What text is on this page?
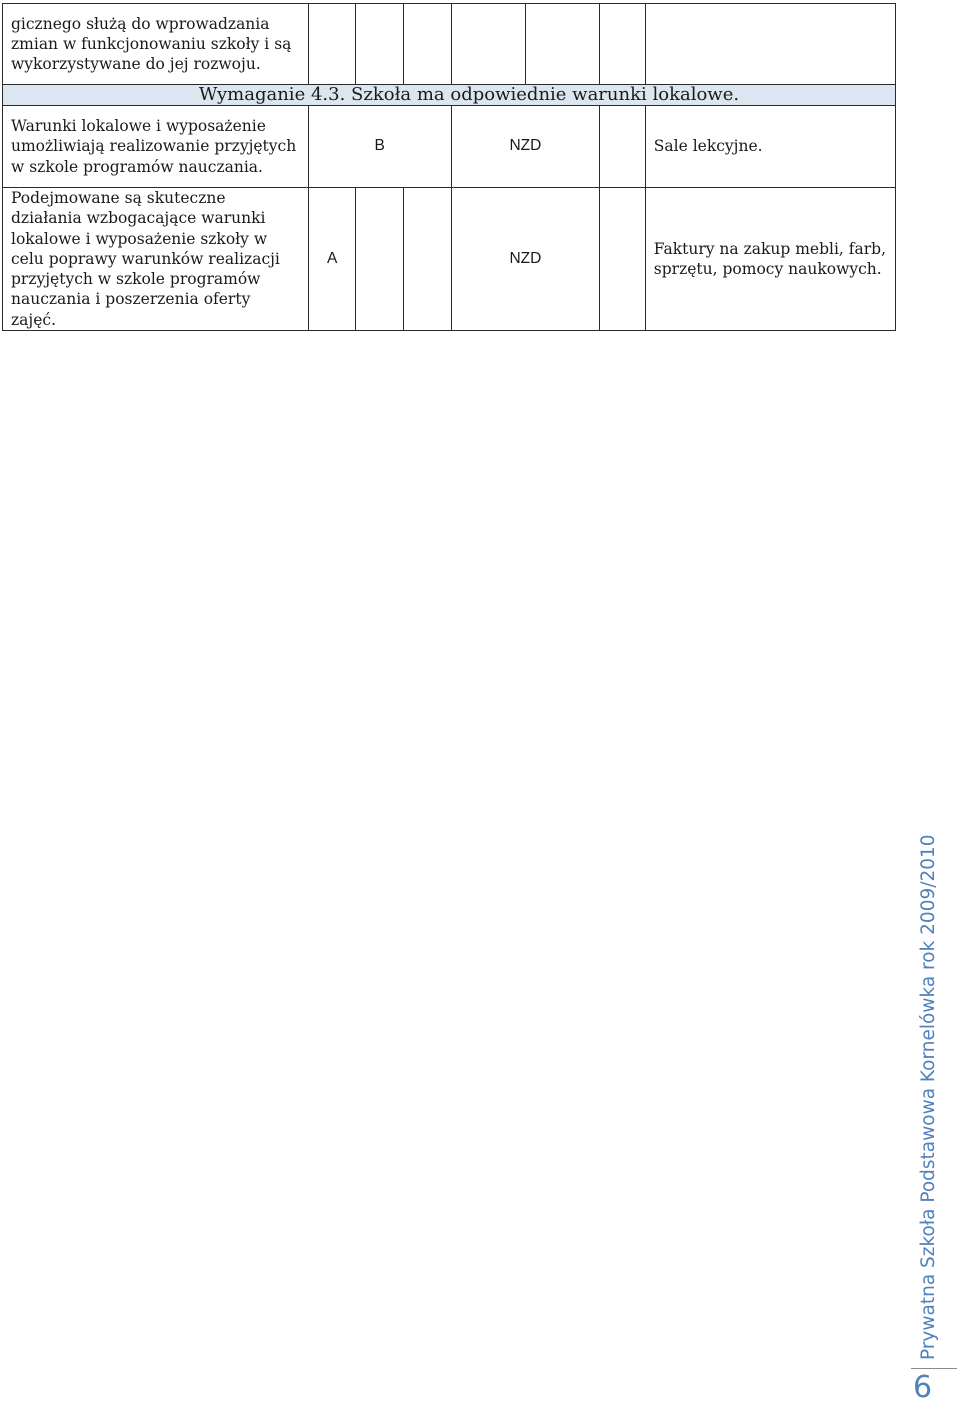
gicznego służą do wprowadzania zmian w funkcjonowaniu szkoły i są wykorzystywane do jej rozwoju.							

Wymaganie 4.3. Szkoła ma odpowiednie warunki lokalowe.							

Warunki lokalowe i wyposażenie umożliwiają realizowanie przyjętych w szkole programów nauczania.	B			NZD			Sale lekcyjne.

Podejmowane są skuteczne działania wzbogacające warunki lokalowe i wyposażenie szkoły w celu poprawy warunków realizacji przyjętych w szkole programów nauczania i poszerzenia oferty zajęć.	A			NZD			Faktury na zakup mebli, farb, sprzętu, pomocy naukowych.
Prywatna Szkoła Podstawowa Kornelówka rok 2009/2010
6
